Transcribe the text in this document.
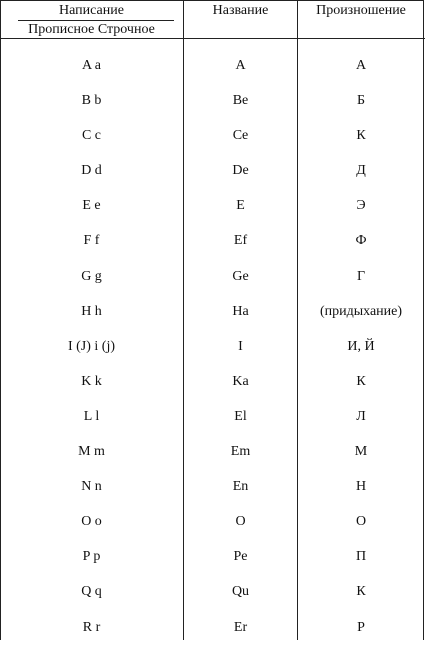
Написание
Прописное Строчное
Название	Произношение
A a	A	А
B b	Be	Б
C c	Ce	К
D d	De	Д
E e	E	Э
F f	Ef	Ф
G g	Ge	Г
H h	Ha	(придыхание)
I (J) i (j)	I	И, Й
K k	Ka	К
L l	El	Л
M m	Em	М
N n	En	Н
O o	O	О
P p	Pe	П
Q q	Qu	К
R r	Er	Р
